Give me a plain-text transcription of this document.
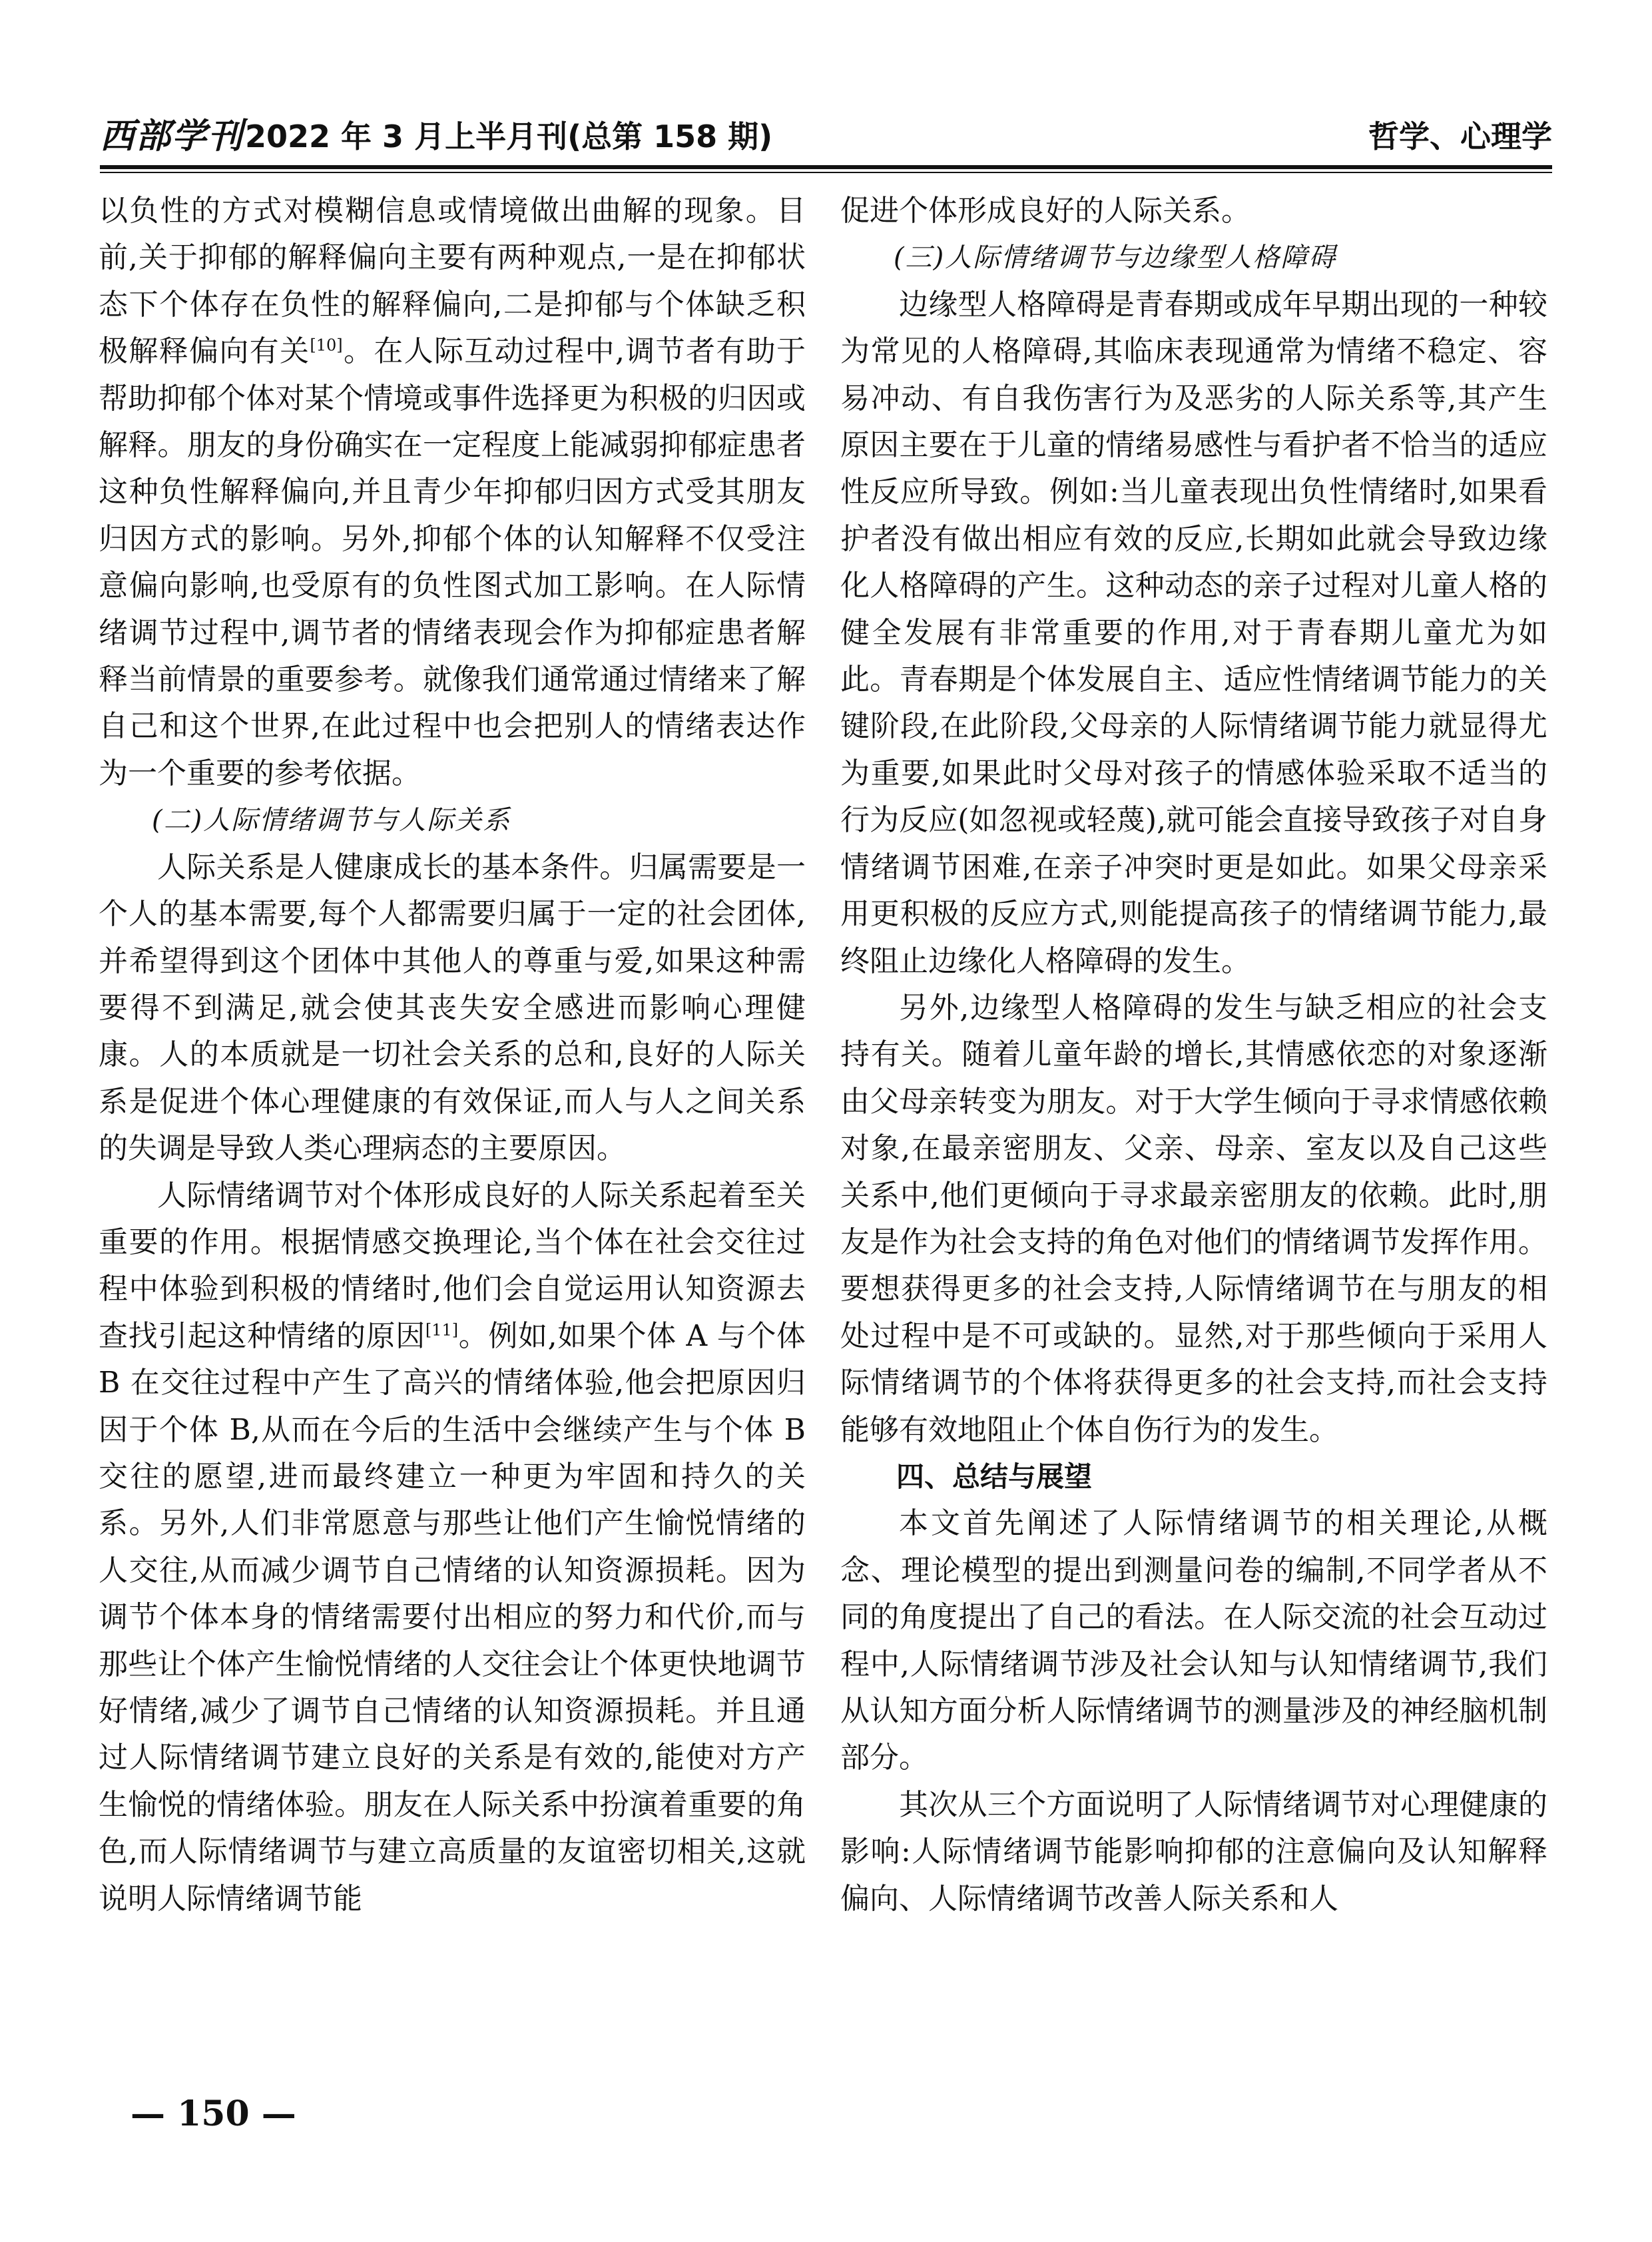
西部学刊 2022 年 3 月上半月刊(总第 158 期)	哲学、心理学

以负性的方式对模糊信息或情境做出曲解的现象。目前,关于抑郁的解释偏向主要有两种观点,一是在抑郁状态下个体存在负性的解释偏向,二是抑郁与个体缺乏积极解释偏向有关[10]。在人际互动过程中,调节者有助于帮助抑郁个体对某个情境或事件选择更为积极的归因或解释。朋友的身份确实在一定程度上能减弱抑郁症患者这种负性解释偏向,并且青少年抑郁归因方式受其朋友归因方式的影响。另外,抑郁个体的认知解释不仅受注意偏向影响,也受原有的负性图式加工影响。在人际情绪调节过程中,调节者的情绪表现会作为抑郁症患者解释当前情景的重要参考。就像我们通常通过情绪来了解自己和这个世界,在此过程中也会把别人的情绪表达作为一个重要的参考依据。

(二)人际情绪调节与人际关系

人际关系是人健康成长的基本条件。归属需要是一个人的基本需要,每个人都需要归属于一定的社会团体,并希望得到这个团体中其他人的尊重与爱,如果这种需要得不到满足,就会使其丧失安全感进而影响心理健康。人的本质就是一切社会关系的总和,良好的人际关系是促进个体心理健康的有效保证,而人与人之间关系的失调是导致人类心理病态的主要原因。

人际情绪调节对个体形成良好的人际关系起着至关重要的作用。根据情感交换理论,当个体在社会交往过程中体验到积极的情绪时,他们会自觉运用认知资源去查找引起这种情绪的原因[11]。例如,如果个体 A 与个体 B 在交往过程中产生了高兴的情绪体验,他会把原因归因于个体 B,从而在今后的生活中会继续产生与个体 B 交往的愿望,进而最终建立一种更为牢固和持久的关系。另外,人们非常愿意与那些让他们产生愉悦情绪的人交往,从而减少调节自己情绪的认知资源损耗。因为调节个体本身的情绪需要付出相应的努力和代价,而与那些让个体产生愉悦情绪的人交往会让个体更快地调节好情绪,减少了调节自己情绪的认知资源损耗。并且通过人际情绪调节建立良好的关系是有效的,能使对方产生愉悦的情绪体验。朋友在人际关系中扮演着重要的角色,而人际情绪调节与建立高质量的友谊密切相关,这就说明人际情绪调节能

促进个体形成良好的人际关系。

(三)人际情绪调节与边缘型人格障碍

边缘型人格障碍是青春期或成年早期出现的一种较为常见的人格障碍,其临床表现通常为情绪不稳定、容易冲动、有自我伤害行为及恶劣的人际关系等,其产生原因主要在于儿童的情绪易感性与看护者不恰当的适应性反应所导致。例如:当儿童表现出负性情绪时,如果看护者没有做出相应有效的反应,长期如此就会导致边缘化人格障碍的产生。这种动态的亲子过程对儿童人格的健全发展有非常重要的作用,对于青春期儿童尤为如此。青春期是个体发展自主、适应性情绪调节能力的关键阶段,在此阶段,父母亲的人际情绪调节能力就显得尤为重要,如果此时父母对孩子的情感体验采取不适当的行为反应(如忽视或轻蔑),就可能会直接导致孩子对自身情绪调节困难,在亲子冲突时更是如此。如果父母亲采用更积极的反应方式,则能提高孩子的情绪调节能力,最终阻止边缘化人格障碍的发生。

另外,边缘型人格障碍的发生与缺乏相应的社会支持有关。随着儿童年龄的增长,其情感依恋的对象逐渐由父母亲转变为朋友。对于大学生倾向于寻求情感依赖对象,在最亲密朋友、父亲、母亲、室友以及自己这些关系中,他们更倾向于寻求最亲密朋友的依赖。此时,朋友是作为社会支持的角色对他们的情绪调节发挥作用。要想获得更多的社会支持,人际情绪调节在与朋友的相处过程中是不可或缺的。显然,对于那些倾向于采用人际情绪调节的个体将获得更多的社会支持,而社会支持能够有效地阻止个体自伤行为的发生。

四、总结与展望

本文首先阐述了人际情绪调节的相关理论,从概念、理论模型的提出到测量问卷的编制,不同学者从不同的角度提出了自己的看法。在人际交流的社会互动过程中,人际情绪调节涉及社会认知与认知情绪调节,我们从认知方面分析人际情绪调节的测量涉及的神经脑机制部分。

其次从三个方面说明了人际情绪调节对心理健康的影响:人际情绪调节能影响抑郁的注意偏向及认知解释偏向、人际情绪调节改善人际关系和人

— 150 —
